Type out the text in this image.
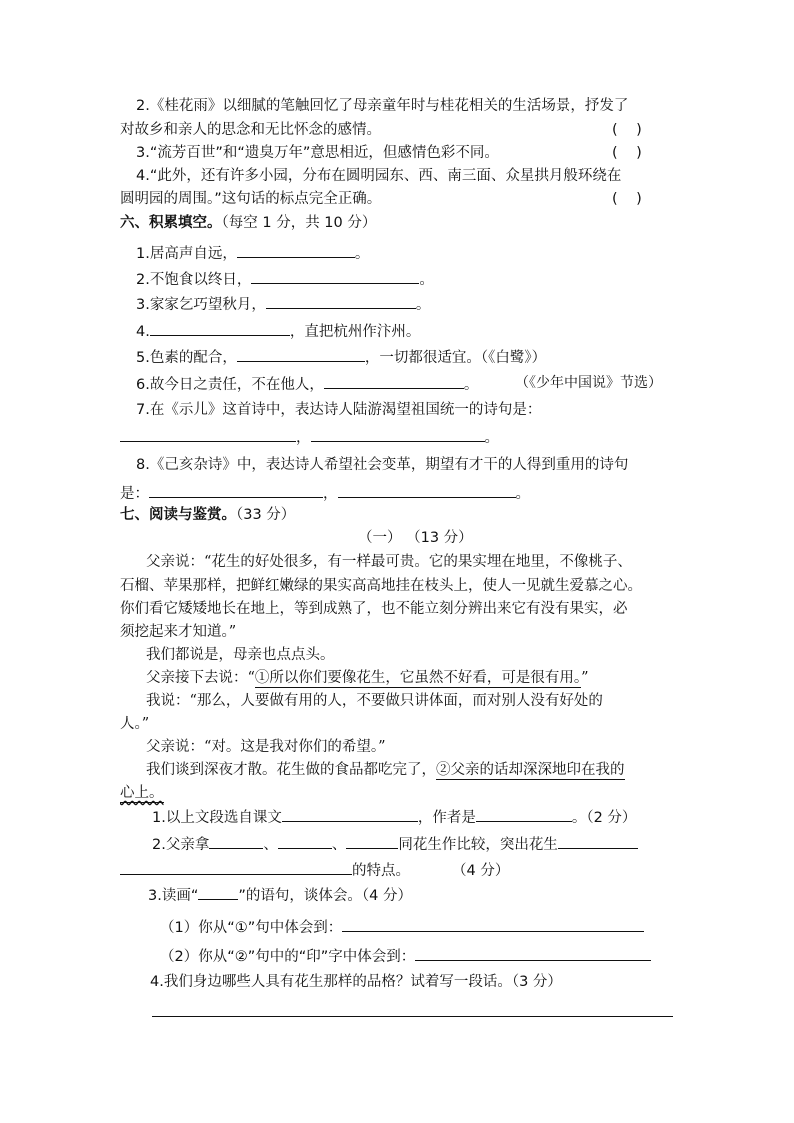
2.《桂花雨》以细腻的笔触回忆了母亲童年时与桂花相关的生活场景，抒发了
对故乡和亲人的思念和无比怀念的感情。	(    )
3.“流芳百世”和“遗臭万年”意思相近，但感情色彩不同。	(    )
4.“此外，还有许多小园，分布在圆明园东、西、南三面、众星拱月般环绕在
圆明园的周围。”这句话的标点完全正确。	(    )
六、积累填空。（每空 1 分，共 10 分）
1.居高声自远，	。
2.不饱食以终日，	。
3.家家乞巧望秋月，	。
4.	，直把杭州作汴州。
5.色素的配合，	，一切都很适宜。（《白鹭》）
6.故今日之责任，不在他人，	。	（《少年中国说》节选）
7.在《示儿》这首诗中，表达诗人陆游渴望祖国统一的诗句是：
，	。
8.《己亥杂诗》中，表达诗人希望社会变革，期望有才干的人得到重用的诗句
是：	，	。
七、阅读与鉴赏。（33 分）
（一） （13 分）
父亲说：“花生的好处很多，有一样最可贵。它的果实埋在地里，不像桃子、
石榴、苹果那样，把鲜红嫩绿的果实高高地挂在枝头上，使人一见就生爱慕之心。
你们看它矮矮地长在地上，等到成熟了，也不能立刻分辨出来它有没有果实，必
须挖起来才知道。”
我们都说是，母亲也点点头。
父亲接下去说：“①所以你们要像花生，它虽然不好看，可是很有用。”
我说：“那么，人要做有用的人，不要做只讲体面，而对别人没有好处的
人。”
父亲说：“对。这是我对你们的希望。”
我们谈到深夜才散。花生做的食品都吃完了，②父亲的话却深深地印在我的
心上。
1.以上文段选自课文	，作者是	。（2 分）
2.父亲拿	、	、	同花生作比较，突出花生
的特点。	（4 分）
3.读画“	”的语句，谈体会。（4 分）
（1）你从“①”句中体会到：
（2）你从“②”句中的“印”字中体会到：
4.我们身边哪些人具有花生那样的品格？试着写一段话。（3 分）
